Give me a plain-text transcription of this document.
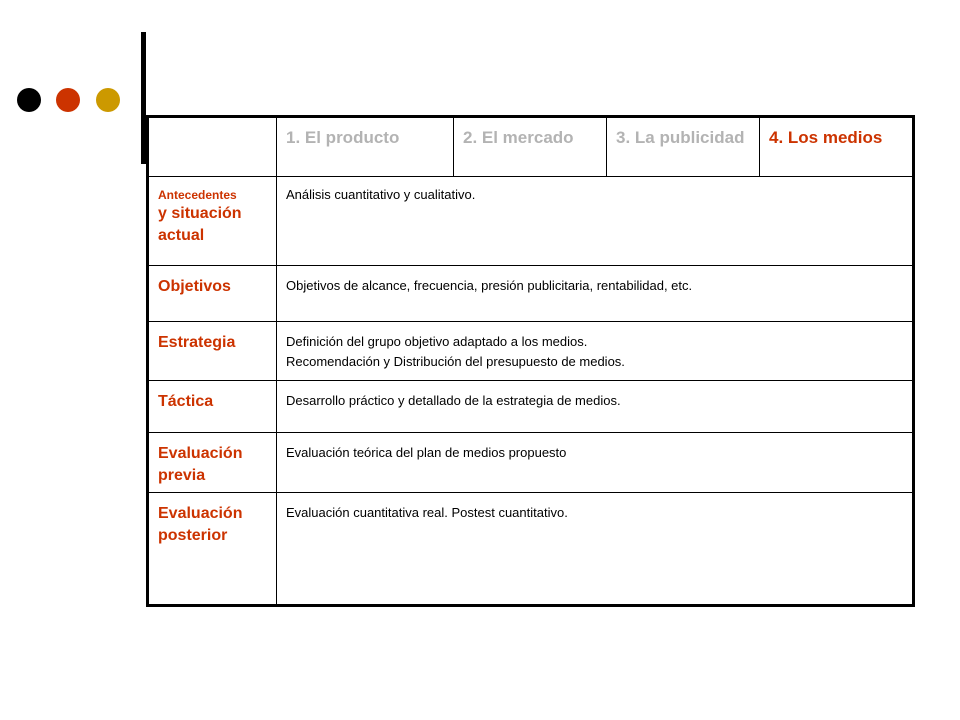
	1. El producto	2. El mercado	3. La publicidad	4. Los medios

Antecedentes
y situación actual	Análisis cuantitativo y cualitativo.			

Objetivos	Objetivos de alcance, frecuencia, presión publicitaria, rentabilidad, etc.			

Estrategia	Definición del grupo objetivo adaptado a los medios.
Recomendación y Distribución del presupuesto de medios.			

Táctica	Desarrollo práctico y detallado de la estrategia de medios.			

Evaluación previa	Evaluación teórica del plan de medios propuesto			

Evaluación posterior	Evaluación cuantitativa real. Postest cuantitativo.			
